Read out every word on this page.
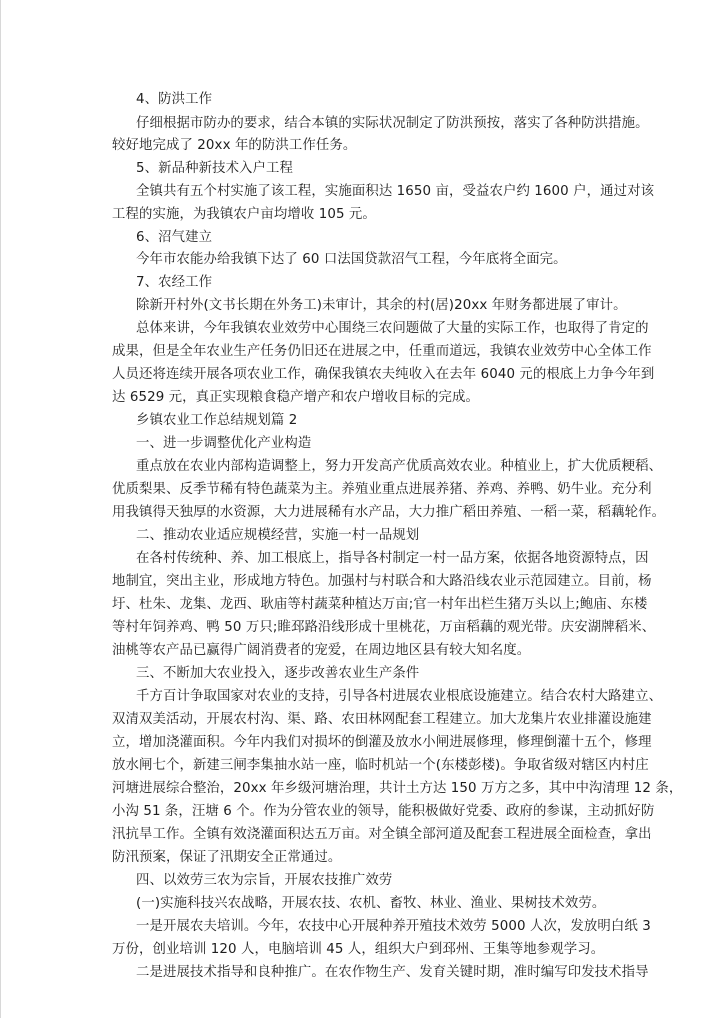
4、防洪工作
仔细根据市防办的要求，结合本镇的实际状况制定了防洪预按，落实了各种防洪措施。
较好地完成了 20xx 年的防洪工作任务。
5、新品种新技术入户工程
全镇共有五个村实施了该工程，实施面积达 1650 亩，受益农户约 1600 户，通过对该
工程的实施，为我镇农户亩均增收 105 元。
6、沼气建立
今年市农能办给我镇下达了 60 口法国贷款沼气工程，今年底将全面完。
7、农经工作
除新开村外(文书长期在外务工)未审计，其余的村(居)20xx 年财务都进展了审计。
总体来讲，今年我镇农业效劳中心围绕三农问题做了大量的实际工作，也取得了肯定的
成果，但是全年农业生产任务仍旧还在进展之中，任重而道远，我镇农业效劳中心全体工作
人员还将连续开展各项农业工作，确保我镇农夫纯收入在去年 6040 元的根底上力争今年到
达 6529 元，真正实现粮食稳产增产和农户增收目标的完成。
乡镇农业工作总结规划篇 2
一、进一步调整优化产业构造
重点放在农业内部构造调整上，努力开发高产优质高效农业。种植业上，扩大优质粳稻、
优质梨果、反季节稀有特色蔬菜为主。养殖业重点进展养猪、养鸡、养鸭、奶牛业。充分利
用我镇得天独厚的水资源，大力进展稀有水产品，大力推广稻田养殖、一稻一菜，稻藕轮作。
二、推动农业适应规模经营，实施一村一品规划
在各村传统种、养、加工根底上，指导各村制定一村一品方案，依据各地资源特点，因
地制宜，突出主业，形成地方特色。加强村与村联合和大路沿线农业示范园建立。目前，杨
圩、杜朱、龙集、龙西、耿庙等村蔬菜种植达万亩;官一村年出栏生猪万头以上;鲍庙、东楼
等村年饲养鸡、鸭 50 万只;睢邳路沿线形成十里桃花，万亩稻藕的观光带。庆安湖牌稻米、
油桃等农产品已赢得广阔消费者的宠爱，在周边地区县有较大知名度。
三、不断加大农业投入，逐步改善农业生产条件
千方百计争取国家对农业的支持，引导各村进展农业根底设施建立。结合农村大路建立、
双清双美活动，开展农村沟、渠、路、农田林网配套工程建立。加大龙集片农业排灌设施建
立，增加浇灌面积。今年内我们对损坏的倒灌及放水小闸进展修理，修理倒灌十五个，修理
放水闸七个，新建三闸李集抽水站一座，临时机站一个(东楼彭楼)。争取省级对辖区内村庄
河塘进展综合整治，20xx 年乡级河塘治理，共计土方达 150 万方之多，其中中沟清理 12 条，
小沟 51 条，汪塘 6 个。作为分管农业的领导，能积极做好党委、政府的参谋，主动抓好防
汛抗旱工作。全镇有效浇灌面积达五万亩。对全镇全部河道及配套工程进展全面检查，拿出
防汛预案，保证了汛期安全正常通过。
四、以效劳三农为宗旨，开展农技推广效劳
(一)实施科技兴农战略，开展农技、农机、畜牧、林业、渔业、果树技术效劳。
一是开展农夫培训。今年，农技中心开展种养开殖技术效劳 5000 人次，发放明白纸 3
万份，创业培训 120 人，电脑培训 45 人，组织大户到邳州、王集等地参观学习。
二是进展技术指导和良种推广。在农作物生产、发育关键时期，准时编写印发技术指导
